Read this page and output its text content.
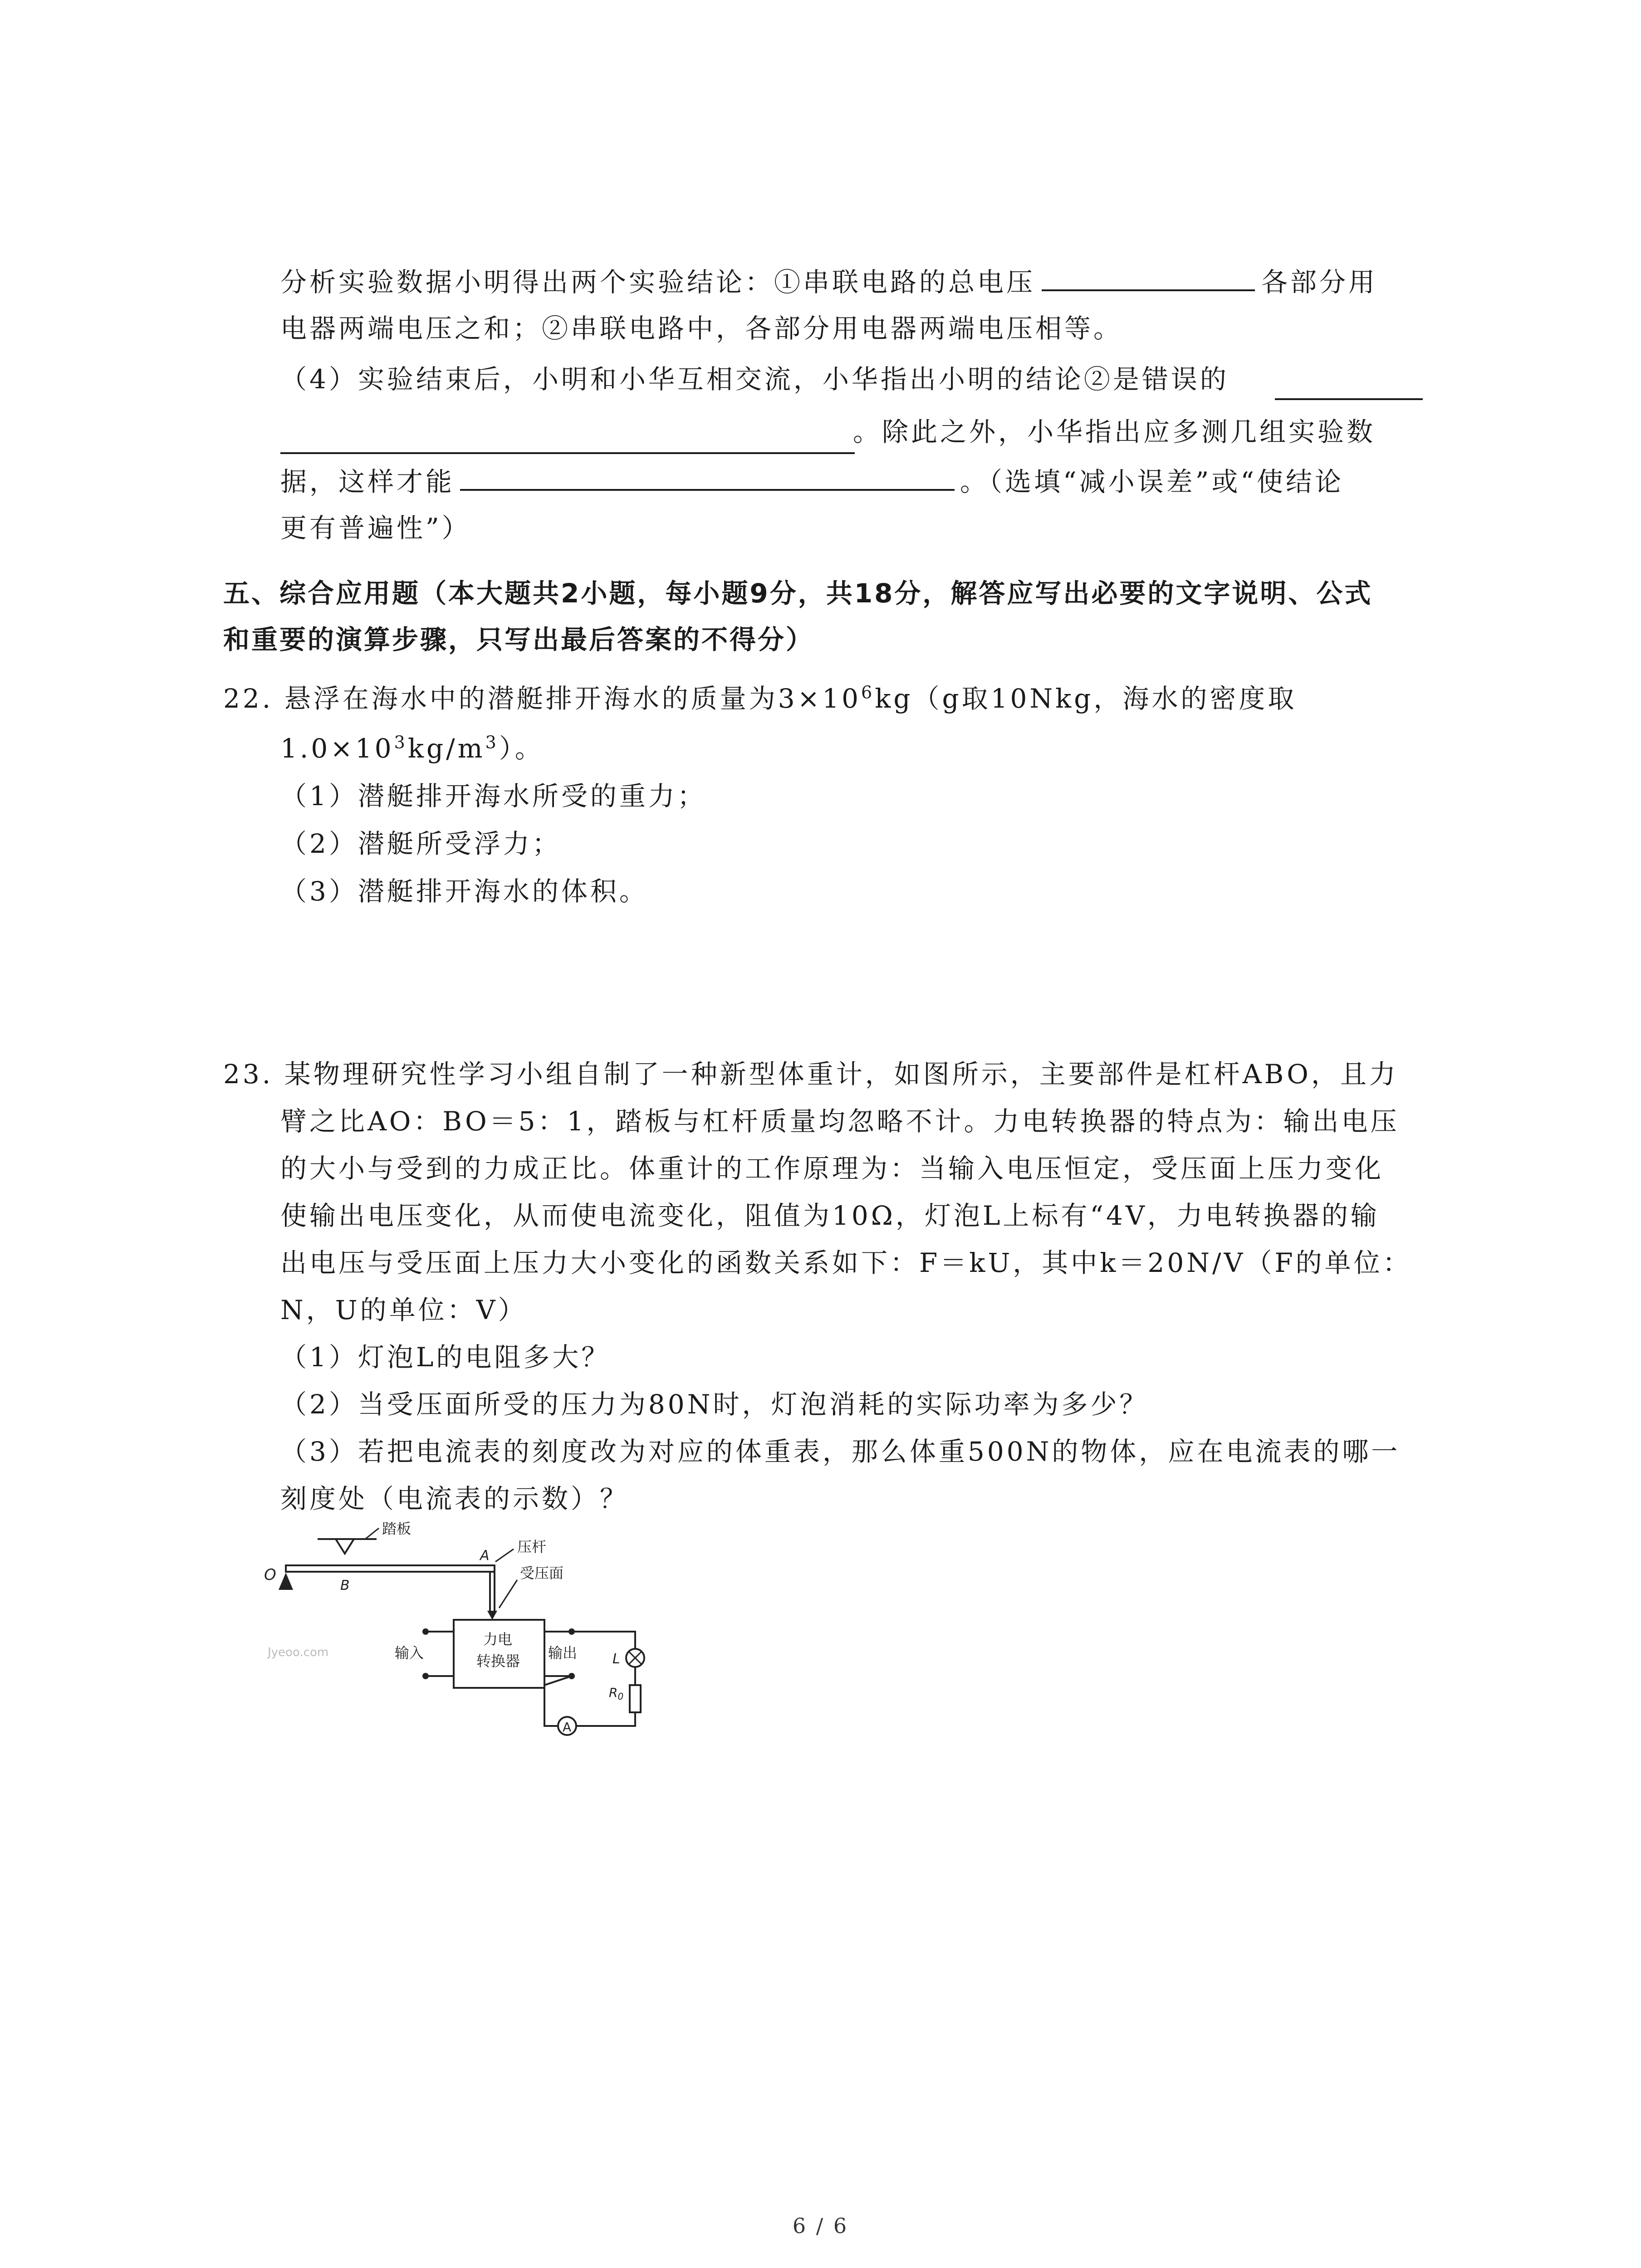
分析实验数据小明得出两个实验结论：①串联电路的总电压	各部分用
电器两端电压之和；②串联电路中，各部分用电器两端电压相等。
（4）实验结束后，小明和小华互相交流，小华指出小明的结论②是错误的
。除此之外，小华指出应多测几组实验数
据，这样才能	。（选填“减小误差”或“使结论
更有普遍性”）
五、综合应用题（本大题共2小题，每小题9分，共18分，解答应写出必要的文字说明、公式
和重要的演算步骤，只写出最后答案的不得分）
22. 悬浮在海水中的潜艇排开海水的质量为$3\times 10^6kg(g$取10Nkg，海水的密度取
$1.0\times 10^3kg/m^3$）。
（1）潜艇排开海水所受的重力；
（2）潜艇所受浮力；
（3）潜艇排开海水的体积。
23. 某物理研究性学习小组自制了一种新型体重计，如图所示，主要部件是杠杆ABO，且力
臂之比AO：BO＝5：1，踏板与杠杆质量均忽略不计。力电转换器的特点为：输出电压
的大小与受到的力成正比。体重计的工作原理为：当输入电压恒定，受压面上压力变化
使输出电压变化，从而使电流变化，阻值为10Ω，灯泡L上标有“4V，力电转换器的输
出电压与受压面上压力大小变化的函数关系如下：F＝kU，其中k＝20N/V（F的单位：
N，U的单位：V）
（1）灯泡L的电阻多大？
（2）当受压面所受的压力为80N时，灯泡消耗的实际功率为多少？
（3）若把电流表的刻度改为对应的体重表，那么体重500N的物体，应在电流表的哪一
刻度处（电流表的示数）？
O
踏板
B
A
压杆
受压面
力电
转换器
输入
Jyeoo.com	输出	L
$R_0$
A
6 / 6
